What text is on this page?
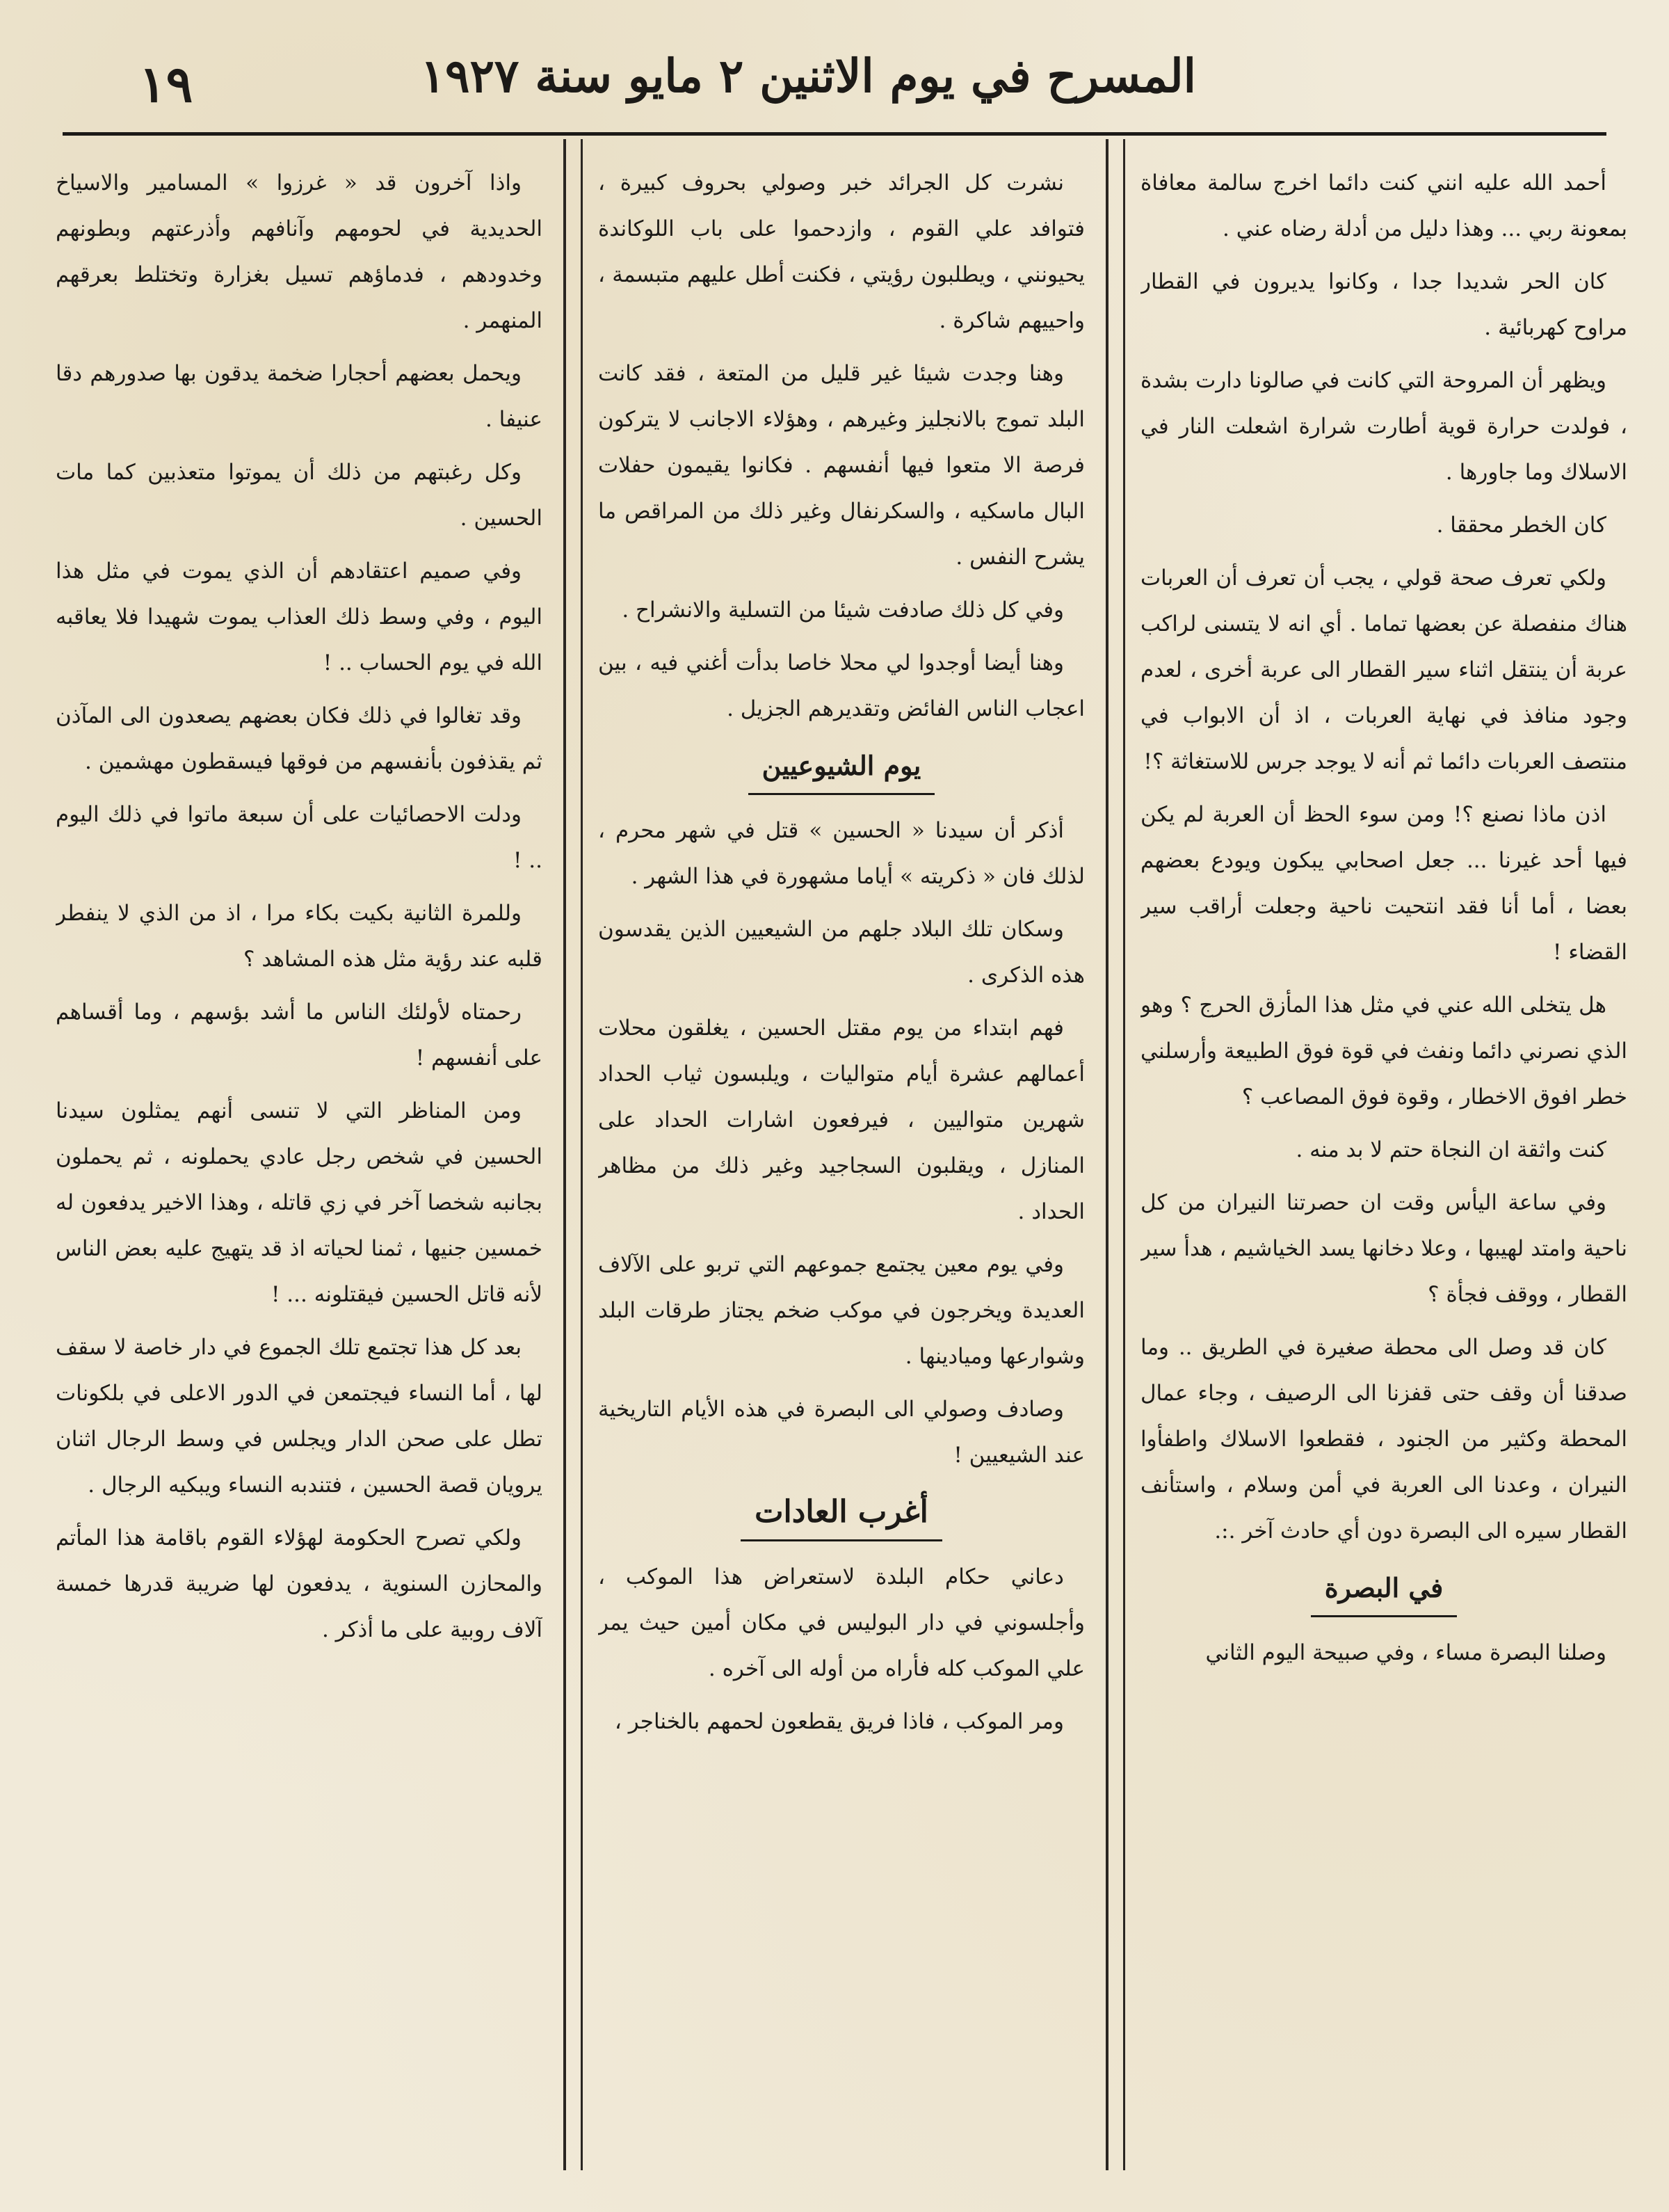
المسرح في يوم الاثنين ٢ مايو سنة ١٩٢٧
١٩

أحمد الله عليه انني كنت دائما اخرج سالمة معافاة بمعونة ربي ... وهذا دليل من أدلة رضاه عني .

كان الحر شديدا جدا ، وكانوا يديرون في القطار مراوح كهربائية .

ويظهر أن المروحة التي كانت في صالونا دارت بشدة ، فولدت حرارة قوية أطارت شرارة اشعلت النار في الاسلاك وما جاورها .

كان الخطر محققا .

ولكي تعرف صحة قولي ، يجب أن تعرف أن العربات هناك منفصلة عن بعضها تماما . أي انه لا يتسنى لراكب عربة أن ينتقل اثناء سير القطار الى عربة أخرى ، لعدم وجود منافذ في نهاية العربات ، اذ أن الابواب في منتصف العربات دائما ثم أنه لا يوجد جرس للاستغاثة ؟!

اذن ماذا نصنع ؟! ومن سوء الحظ أن العربة لم يكن فيها أحد غيرنا ... جعل اصحابي يبكون ويودع بعضهم بعضا ، أما أنا فقد انتحيت ناحية وجعلت أراقب سير القضاء !

هل يتخلى الله عني في مثل هذا المأزق الحرج ؟ وهو الذي نصرني دائما ونفث في قوة فوق الطبيعة وأرسلني خطر افوق الاخطار ، وقوة فوق المصاعب ؟

كنت واثقة ان النجاة حتم لا بد منه .

وفي ساعة اليأس وقت ان حصرتنا النيران من كل ناحية وامتد لهيبها ، وعلا دخانها يسد الخياشيم ، هدأ سير القطار ، ووقف فجأة ؟

كان قد وصل الى محطة صغيرة في الطريق .. وما صدقنا أن وقف حتى قفزنا الى الرصيف ، وجاء عمال المحطة وكثير من الجنود ، فقطعوا الاسلاك واطفأوا النيران ، وعدنا الى العربة في أمن وسلام ، واستأنف القطار سيره الى البصرة دون أي حادث آخر .:.

في البصرة

وصلنا البصرة مساء ، وفي صبيحة اليوم الثاني

نشرت كل الجرائد خبر وصولي بحروف كبيرة ، فتوافد علي القوم ، وازدحموا على باب اللوكاندة يحيونني ، ويطلبون رؤيتي ، فكنت أطل عليهم متبسمة ، واحييهم شاكرة .

وهنا وجدت شيئا غير قليل من المتعة ، فقد كانت البلد تموج بالانجليز وغيرهم ، وهؤلاء الاجانب لا يتركون فرصة الا متعوا فيها أنفسهم . فكانوا يقيمون حفلات البال ماسكيه ، والسكرنفال وغير ذلك من المراقص ما يشرح النفس .

وفي كل ذلك صادفت شيئا من التسلية والانشراح .

وهنا أيضا أوجدوا لي محلا خاصا بدأت أغني فيه ، بين اعجاب الناس الفائض وتقديرهم الجزيل .

يوم الشيوعيين

أذكر أن سيدنا « الحسين » قتل في شهر محرم ، لذلك فان « ذكريته » أياما مشهورة في هذا الشهر .

وسكان تلك البلاد جلهم من الشيعيين الذين يقدسون هذه الذكرى .

فهم ابتداء من يوم مقتل الحسين ، يغلقون محلات أعمالهم عشرة أيام متواليات ، ويلبسون ثياب الحداد شهرين متواليين ، فيرفعون اشارات الحداد على المنازل ، ويقلبون السجاجيد وغير ذلك من مظاهر الحداد .

وفي يوم معين يجتمع جموعهم التي تربو على الآلاف العديدة ويخرجون في موكب ضخم يجتاز طرقات البلد وشوارعها وميادينها .

وصادف وصولي الى البصرة في هذه الأيام التاريخية عند الشيعيين !

أغرب العادات

دعاني حكام البلدة لاستعراض هذا الموكب ، وأجلسوني في دار البوليس في مكان أمين حيث يمر علي الموكب كله فأراه من أوله الى آخره .

ومر الموكب ، فاذا فريق يقطعون لحمهم بالخناجر ،

واذا آخرون قد « غرزوا » المسامير والاسياخ الحديدية في لحومهم وآنافهم وأذرعتهم وبطونهم وخدودهم ، فدماؤهم تسيل بغزارة وتختلط بعرقهم المنهمر .

ويحمل بعضهم أحجارا ضخمة يدقون بها صدورهم دقا عنيفا .

وكل رغبتهم من ذلك أن يموتوا متعذبين كما مات الحسين .

وفي صميم اعتقادهم أن الذي يموت في مثل هذا اليوم ، وفي وسط ذلك العذاب يموت شهيدا فلا يعاقبه الله في يوم الحساب .. !

وقد تغالوا في ذلك فكان بعضهم يصعدون الى المآذن ثم يقذفون بأنفسهم من فوقها فيسقطون مهشمين .

ودلت الاحصائيات على أن سبعة ماتوا في ذلك اليوم .. !

وللمرة الثانية بكيت بكاء مرا ، اذ من الذي لا ينفطر قلبه عند رؤية مثل هذه المشاهد ؟

رحمتاه لأولئك الناس ما أشد بؤسهم ، وما أقساهم على أنفسهم !

ومن المناظر التي لا تنسى أنهم يمثلون سيدنا الحسين في شخص رجل عادي يحملونه ، ثم يحملون بجانبه شخصا آخر في زي قاتله ، وهذا الاخير يدفعون له خمسين جنيها ، ثمنا لحياته اذ قد يتهيج عليه بعض الناس لأنه قاتل الحسين فيقتلونه ... !

بعد كل هذا تجتمع تلك الجموع في دار خاصة لا سقف لها ، أما النساء فيجتمعن في الدور الاعلى في بلكونات تطل على صحن الدار ويجلس في وسط الرجال اثنان يرويان قصة الحسين ، فتندبه النساء ويبكيه الرجال .

ولكي تصرح الحكومة لهؤلاء القوم باقامة هذا المأتم والمحازن السنوية ، يدفعون لها ضريبة قدرها خمسة آلاف روبية على ما أذكر .
